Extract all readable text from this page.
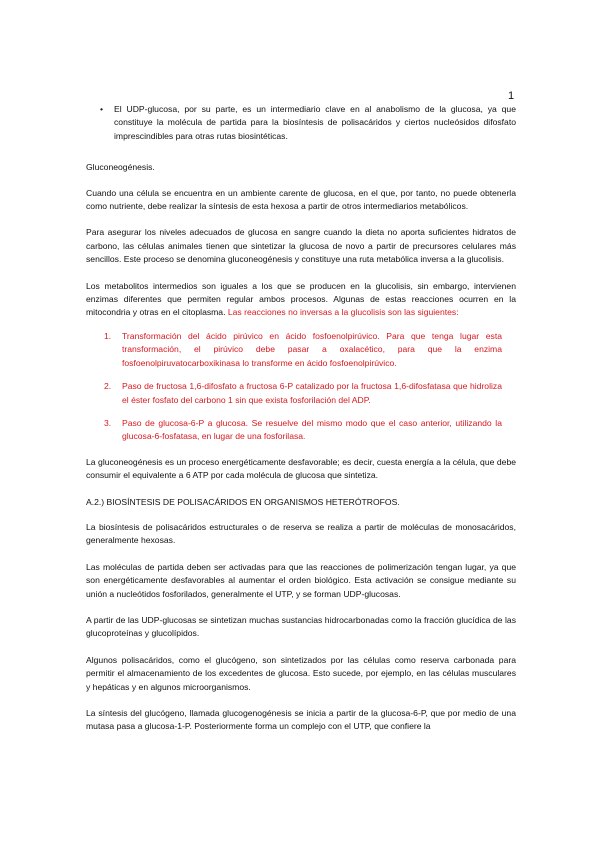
1
•	El UDP-glucosa, por su parte, es un intermediario clave en al anabolismo de la glucosa, ya que constituye la molécula de partida para la biosíntesis de polisacáridos y ciertos nucleósidos difosfato imprescindibles para otras rutas biosintéticas.

Gluconeogénesis.

Cuando una célula se encuentra en un ambiente carente de glucosa, en el que, por tanto, no puede obtenerla como nutriente, debe realizar la síntesis de esta hexosa a partir de otros intermediarios metabólicos.

Para asegurar los niveles adecuados de glucosa en sangre cuando la dieta no aporta suficientes hidratos de carbono, las células animales tienen que sintetizar la glucosa de novo a partir de precursores celulares más sencillos. Este proceso se denomina gluconeogénesis y constituye una ruta metabólica inversa a la glucolisis.

Los metabolitos intermedios son iguales a los que se producen en la glucolisis, sin embargo, intervienen enzimas diferentes que permiten regular ambos procesos. Algunas de estas reacciones ocurren en la mitocondria y otras en el citoplasma. Las reacciones no inversas a la glucolisis son las siguientes:

1.	Transformación del ácido pirúvico en ácido fosfoenolpirúvico. Para que tenga lugar esta transformación, el pirúvico debe pasar a oxalacético, para que la enzima fosfoenolpiruvatocarboxikinasa lo transforme en ácido fosfoenolpirúvico.
2.	Paso de fructosa 1,6-difosfato a fructosa 6-P catalizado por la fructosa 1,6-difosfatasa que hidroliza el éster fosfato del carbono 1 sin que exista fosforilación del ADP.
3.	Paso de glucosa-6-P a glucosa. Se resuelve del mismo modo que el caso anterior, utilizando la glucosa-6-fosfatasa, en lugar de una fosforilasa.

La gluconeogénesis es un proceso energéticamente desfavorable; es decir, cuesta energía a la célula, que debe consumir el equivalente a 6 ATP por cada molécula de glucosa que sintetiza.

A.2.) BIOSÍNTESIS DE POLISACÁRIDOS EN ORGANISMOS HETERÓTROFOS.

La biosíntesis de polisacáridos estructurales o de reserva se realiza a partir de moléculas de monosacáridos, generalmente hexosas.

Las moléculas de partida deben ser activadas para que las reacciones de polimerización tengan lugar, ya que son energéticamente desfavorables al aumentar el orden biológico. Esta activación se consigue mediante su unión a nucleótidos fosforilados, generalmente el UTP, y se forman UDP-glucosas.

A partir de las UDP-glucosas se sintetizan muchas sustancias hidrocarbonadas como la fracción glucídica de las glucoproteínas y glucolípidos.

Algunos polisacáridos, como el glucógeno, son sintetizados por las células como reserva carbonada para permitir el almacenamiento de los excedentes de glucosa. Esto sucede, por ejemplo, en las células musculares y hepáticas y en algunos microorganismos.

La síntesis del glucógeno, llamada glucogenogénesis se inicia a partir de la glucosa-6-P, que por medio de una mutasa pasa a glucosa-1-P. Posteriormente forma un complejo con el UTP, que confiere la
